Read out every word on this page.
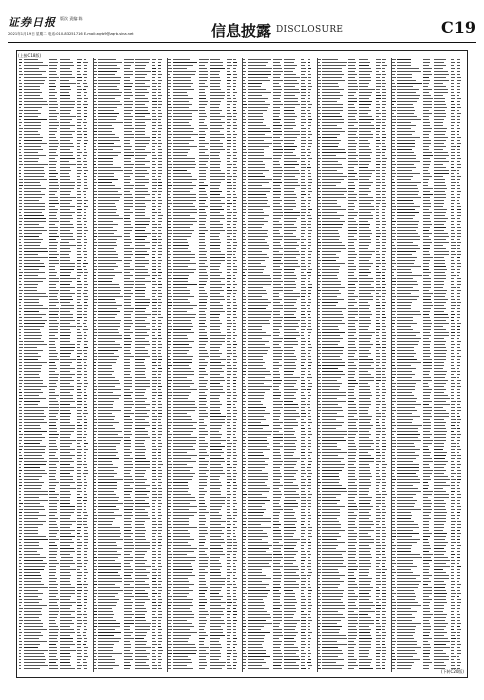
证券日报 版次 责编:陈
2021年1月19日 星期二 电话:010-83251716 E-mail:zqrb9@zqrb.sina.net	信息披露 DISCLOSURE	C19
(上接C18版)
(下转C20版)
